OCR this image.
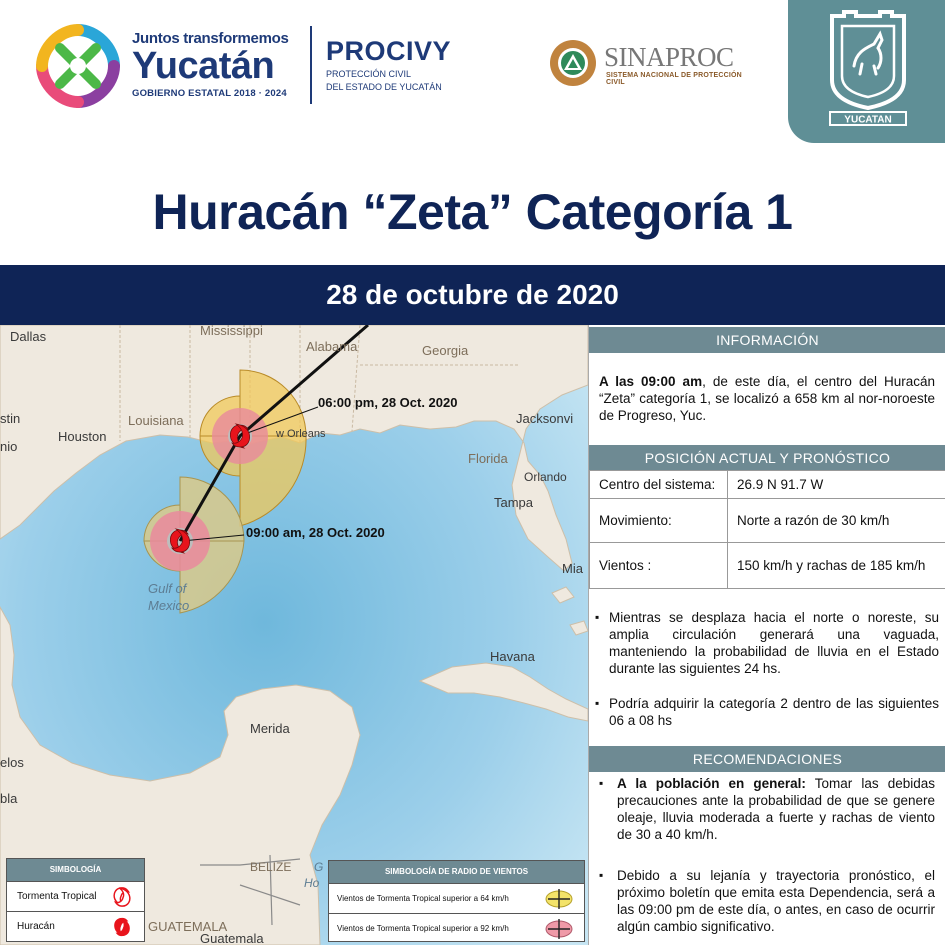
Juntos transformemos
Yucatán
GOBIERNO ESTATAL 2018 · 2024
PROCIVY
PROTECCIÓN CIVIL
DEL ESTADO DE YUCATÁN
SINAPROC
SISTEMA NACIONAL DE PROTECCIÓN CIVIL
YUCATAN
Huracán “Zeta” Categoría 1
28 de octubre de 2020
06:00 pm, 28 Oct. 2020
09:00 am, 28 Oct. 2020
Dallas	Mississippi
Alabama	Georgia
Louisiana
stin
Houston
nio
w Orleans
Jacksonvi
Florida
Orlando
Tampa
Mia
Gulf of
Mexico
Havana
Merida
elos
bla
BELIZE G
Ho
GUATEMALA
Guatemala
SIMBOLOGÍA
Tormenta Tropical
Huracán
SIMBOLOGÍA DE RADIO DE VIENTOS
Vientos de Tormenta Tropical superior a 64 km/h
Vientos de Tormenta Tropical superior a 92 km/h
INFORMACIÓN
A las 09:00 am, de este día, el centro del Huracán “Zeta” categoría 1, se localizó a 658 km al nor-noroeste de Progreso, Yuc.
POSICIÓN ACTUAL Y PRONÓSTICO
Centro del sistema:	26.9 N 91.7 W
Movimiento:	Norte a razón de 30 km/h
Vientos :	150 km/h y rachas de 185 km/h
▪ Mientras se desplaza hacia el norte o noreste, su amplia circulación generará una vaguada, manteniendo la probabilidad de lluvia en el Estado durante las siguientes 24 hs.
▪ Podría adquirir la categoría 2 dentro de las siguientes 06 a 08 hs
RECOMENDACIONES
▪ A la población en general: Tomar las debidas precauciones ante la probabilidad de que se genere oleaje, lluvia moderada a fuerte y rachas de viento de 30 a 40 km/h.
▪ Debido a su lejanía y trayectoria pronóstico, el próximo boletín que emita esta Dependencia, será a las 09:00 pm de este día, o antes, en caso de ocurrir algún cambio significativo.
